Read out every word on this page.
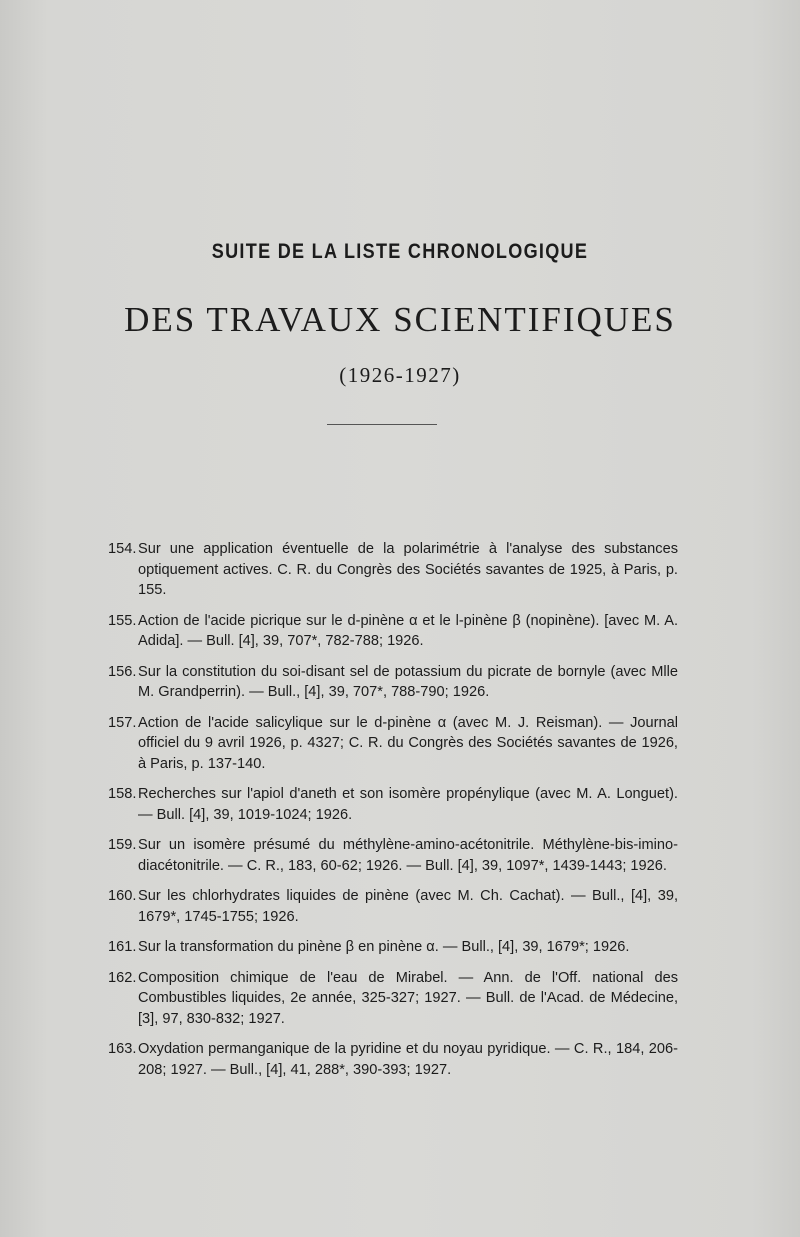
SUITE DE LA LISTE CHRONOLOGIQUE
DES TRAVAUX SCIENTIFIQUES
(1926-1927)
154. Sur une application éventuelle de la polarimétrie à l'analyse des substances optiquement actives. C. R. du Congrès des Sociétés savantes de 1925, à Paris, p. 155.
155. Action de l'acide picrique sur le d-pinène α et le l-pinène β (nopinène). [avec M. A. Adida]. — Bull. [4], 39, 707*, 782-788; 1926.
156. Sur la constitution du soi-disant sel de potassium du picrate de bornyle (avec Mlle M. Grandperrin). — Bull., [4], 39, 707*, 788-790; 1926.
157. Action de l'acide salicylique sur le d-pinène α (avec M. J. Reisman). — Journal officiel du 9 avril 1926, p. 4327; C. R. du Congrès des Sociétés savantes de 1926, à Paris, p. 137-140.
158. Recherches sur l'apiol d'aneth et son isomère propénylique (avec M. A. Longuet). — Bull. [4], 39, 1019-1024; 1926.
159. Sur un isomère présumé du méthylène-amino-acétonitrile. Méthylène-bis-imino-diacétonitrile. — C. R., 183, 60-62; 1926. — Bull. [4], 39, 1097*, 1439-1443; 1926.
160. Sur les chlorhydrates liquides de pinène (avec M. Ch. Cachat). — Bull., [4], 39, 1679*, 1745-1755; 1926.
161. Sur la transformation du pinène β en pinène α. — Bull., [4], 39, 1679*; 1926.
162. Composition chimique de l'eau de Mirabel. — Ann. de l'Off. national des Combustibles liquides, 2e année, 325-327; 1927. — Bull. de l'Acad. de Médecine, [3], 97, 830-832; 1927.
163. Oxydation permanganique de la pyridine et du noyau pyridique. — C. R., 184, 206-208; 1927. — Bull., [4], 41, 288*, 390-393; 1927.
